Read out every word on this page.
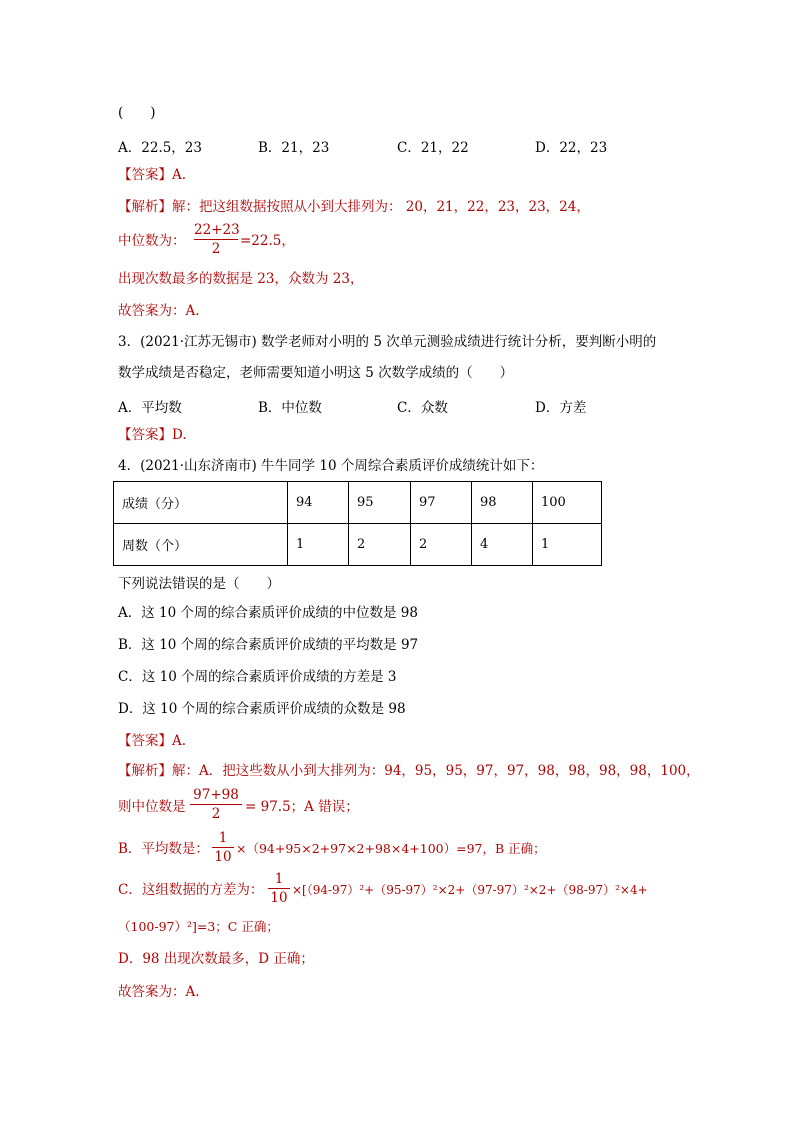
(　　)
A．22.5，23	B．21，23	C．21，22	D．22，23
【答案】A.
【解析】解：把这组数据按照从小到大排列为： 20，21，22，23，23，24，
中位数为：
22+23
2	=22.5，
出现次数最多的数据是 23，众数为 23，
故答案为：A.
3．(2021·江苏无锡市) 数学老师对小明的 5 次单元测验成绩进行统计分析，要判断小明的
数学成绩是否稳定，老师需要知道小明这 5 次数学成绩的（　　）
A．平均数	B．中位数	C．众数	D．方差
【答案】D.
4．(2021·山东济南市) 牛牛同学 10 个周综合素质评价成绩统计如下：
成绩（分）	94	95	97	98	100
周数（个）	1	2	2	4	1
下列说法错误的是（　　）
A．这 10 个周的综合素质评价成绩的中位数是 98
B．这 10 个周的综合素质评价成绩的平均数是 97
C．这 10 个周的综合素质评价成绩的方差是 3
D．这 10 个周的综合素质评价成绩的众数是 98
【答案】A.
【解析】解：A．把这些数从小到大排列为：94，95，95，97，97，98，98，98，98，100，
则中位数是
97+98
2	= 97.5；A 错误；
B．平均数是：
1
10
×（94+95×2+97×2+98×4+100）=97，B 正确；
C．这组数据的方差为：
1
10 ×[（94-97）²+（95-97）²×2+（97-97）²×2+（98-97）²×4+
（100-97）²]=3；C 正确；
D．98 出现次数最多，D 正确；
故答案为：A.
